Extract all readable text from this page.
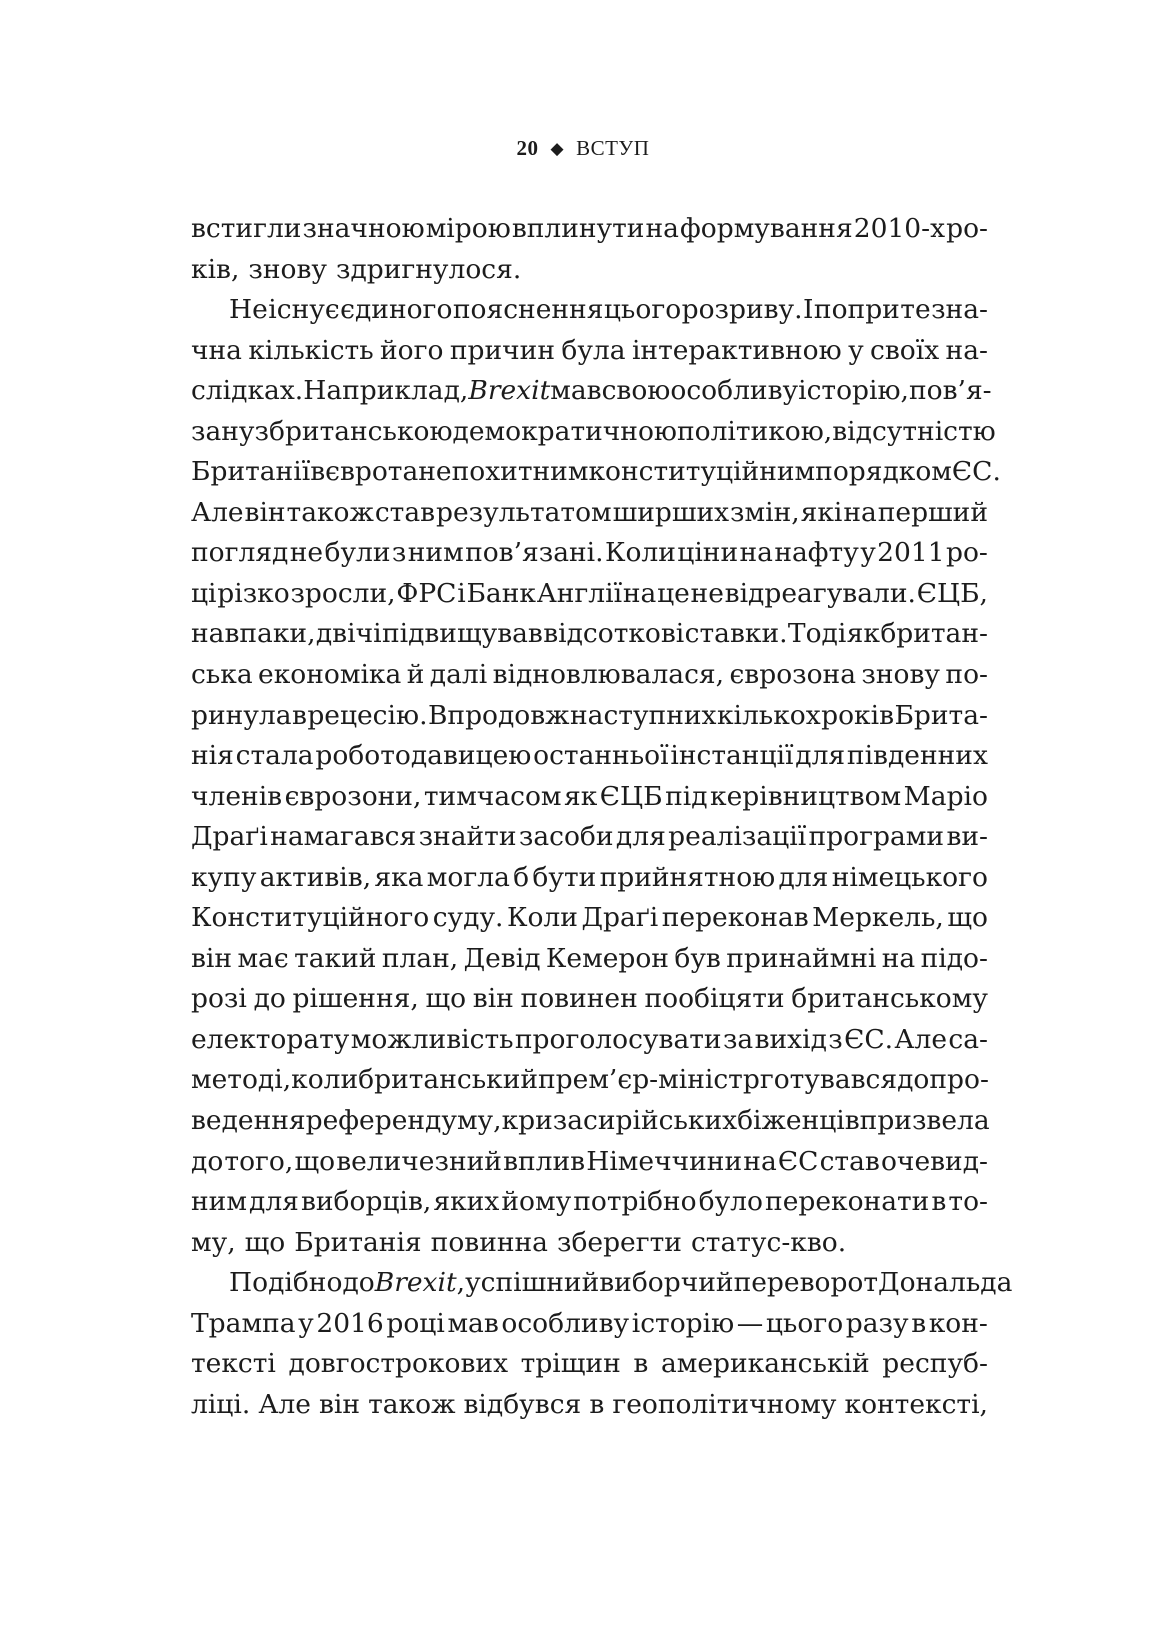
20 ◆ ВСТУП
встигли значною мірою вплинути на формування 2010-х ро-
ків, знову здригнулося.
Не існує єдиного пояснення цього розриву. І попри те зна-
чна кількість його причин була інтерактивною у своїх на-
слідках. Наприклад, Brexit мав свою особливу історію, пов’я-
зану з британською демократичною політикою, відсутністю
Британії в євро та непохитним конституційним порядком ЄС.
Але він також став результатом ширших змін, які на перший
погляд не були з ним пов’язані. Коли ціни на нафту у 2011 ро-
ці різко зросли, ФРС і Банк Англії на це не відреагували. ЄЦБ,
навпаки, двічі підвищував відсоткові ставки. Тоді як британ-
ська економіка й далі відновлювалася, єврозона знову по-
ринула в рецесію. Впродовж наступних кількох років Брита-
нія стала роботодавицею останньої інстанції для південних
членів єврозони, тимчасом як ЄЦБ під керівництвом Маріо
Драґі намагався знайти засоби для реалізації програми ви-
купу активів, яка могла б бути прийнятною для німецького
Конституційного суду. Коли Драґі переконав Меркель, що
він має такий план, Девід Кемерон був принаймні на підо-
розі до рішення, що він повинен пообіцяти британському
електорату можливість проголосувати за вихід з ЄС. Але са-
ме тоді, коли британський прем’єр-міністр готувався до про-
ведення референдуму, криза сирійських біженців призвела
до того, що величезний вплив Німеччини на ЄС став очевид-
ним для виборців, яких йому потрібно було переконати в то-
му, що Британія повинна зберегти статус-кво.
Подібно до Brexit, успішний виборчий переворот Дональда
Трампа у 2016 році мав особливу історію — цього разу в кон-
тексті довгострокових тріщин в американській респуб-
ліці. Але він також відбувся в геополітичному контексті,
